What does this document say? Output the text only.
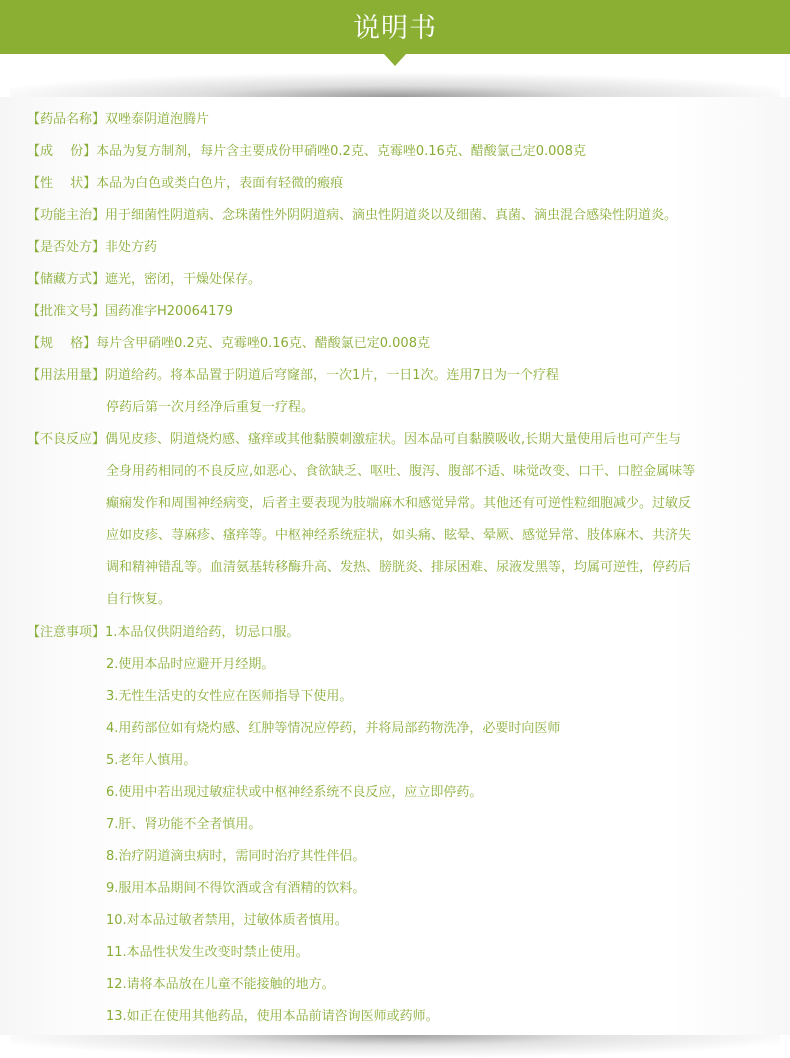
说明书
【药品名称】双唑泰阴道泡腾片
【成　 份】本品为复方制剂，每片含主要成份甲硝唑0.2克、克霉唑0.16克、醋酸氯己定0.008克
【性　 状】本品为白色或类白色片，表面有轻微的瘢痕
【功能主治】用于细菌性阴道病、念珠菌性外阴阴道病、滴虫性阴道炎以及细菌、真菌、滴虫混合感染性阴道炎。
【是否处方】非处方药
【储藏方式】遮光，密闭，干燥处保存。
【批准文号】国药准字H20064179
【规　 格】每片含甲硝唑0.2克、克霉唑0.16克、醋酸氯已定0.008克
【用法用量】阴道给药。将本品置于阴道后穹窿部，一次1片，一日1次。连用7日为一个疗程
停药后第一次月经净后重复一疗程。
【不良反应】偶见皮疹、阴道烧灼感、瘙痒或其他黏膜刺激症状。因本品可自黏膜吸收,长期大量使用后也可产生与
全身用药相同的不良反应,如恶心、食欲缺乏、呕吐、腹泻、腹部不适、味觉改变、口干、口腔金属味等
癫痫发作和周围神经病变，后者主要表现为肢端麻木和感觉异常。其他还有可逆性粒细胞减少。过敏反
应如皮疹、荨麻疹、瘙痒等。中枢神经系统症状，如头痛、眩晕、晕厥、感觉异常、肢体麻木、共济失
调和精神错乱等。血清氨基转移酶升高、发热、膀胱炎、排尿困难、尿液发黑等，均属可逆性，停药后
自行恢复。
【注意事项】1.本品仅供阴道给药，切忌口服。
2.使用本品时应避开月经期。
3.无性生活史的女性应在医师指导下使用。
4.用药部位如有烧灼感、红肿等情况应停药，并将局部药物洗净，必要时向医师
5.老年人慎用。
6.使用中若出现过敏症状或中枢神经系统不良反应，应立即停药。
7.肝、肾功能不全者慎用。
8.治疗阴道滴虫病时，需同时治疗其性伴侣。
9.服用本品期间不得饮酒或含有酒精的饮料。
10.对本品过敏者禁用，过敏体质者慎用。
11.本品性状发生改变时禁止使用。
12.请将本品放在儿童不能接触的地方。
13.如正在使用其他药品，使用本品前请咨询医师或药师。
